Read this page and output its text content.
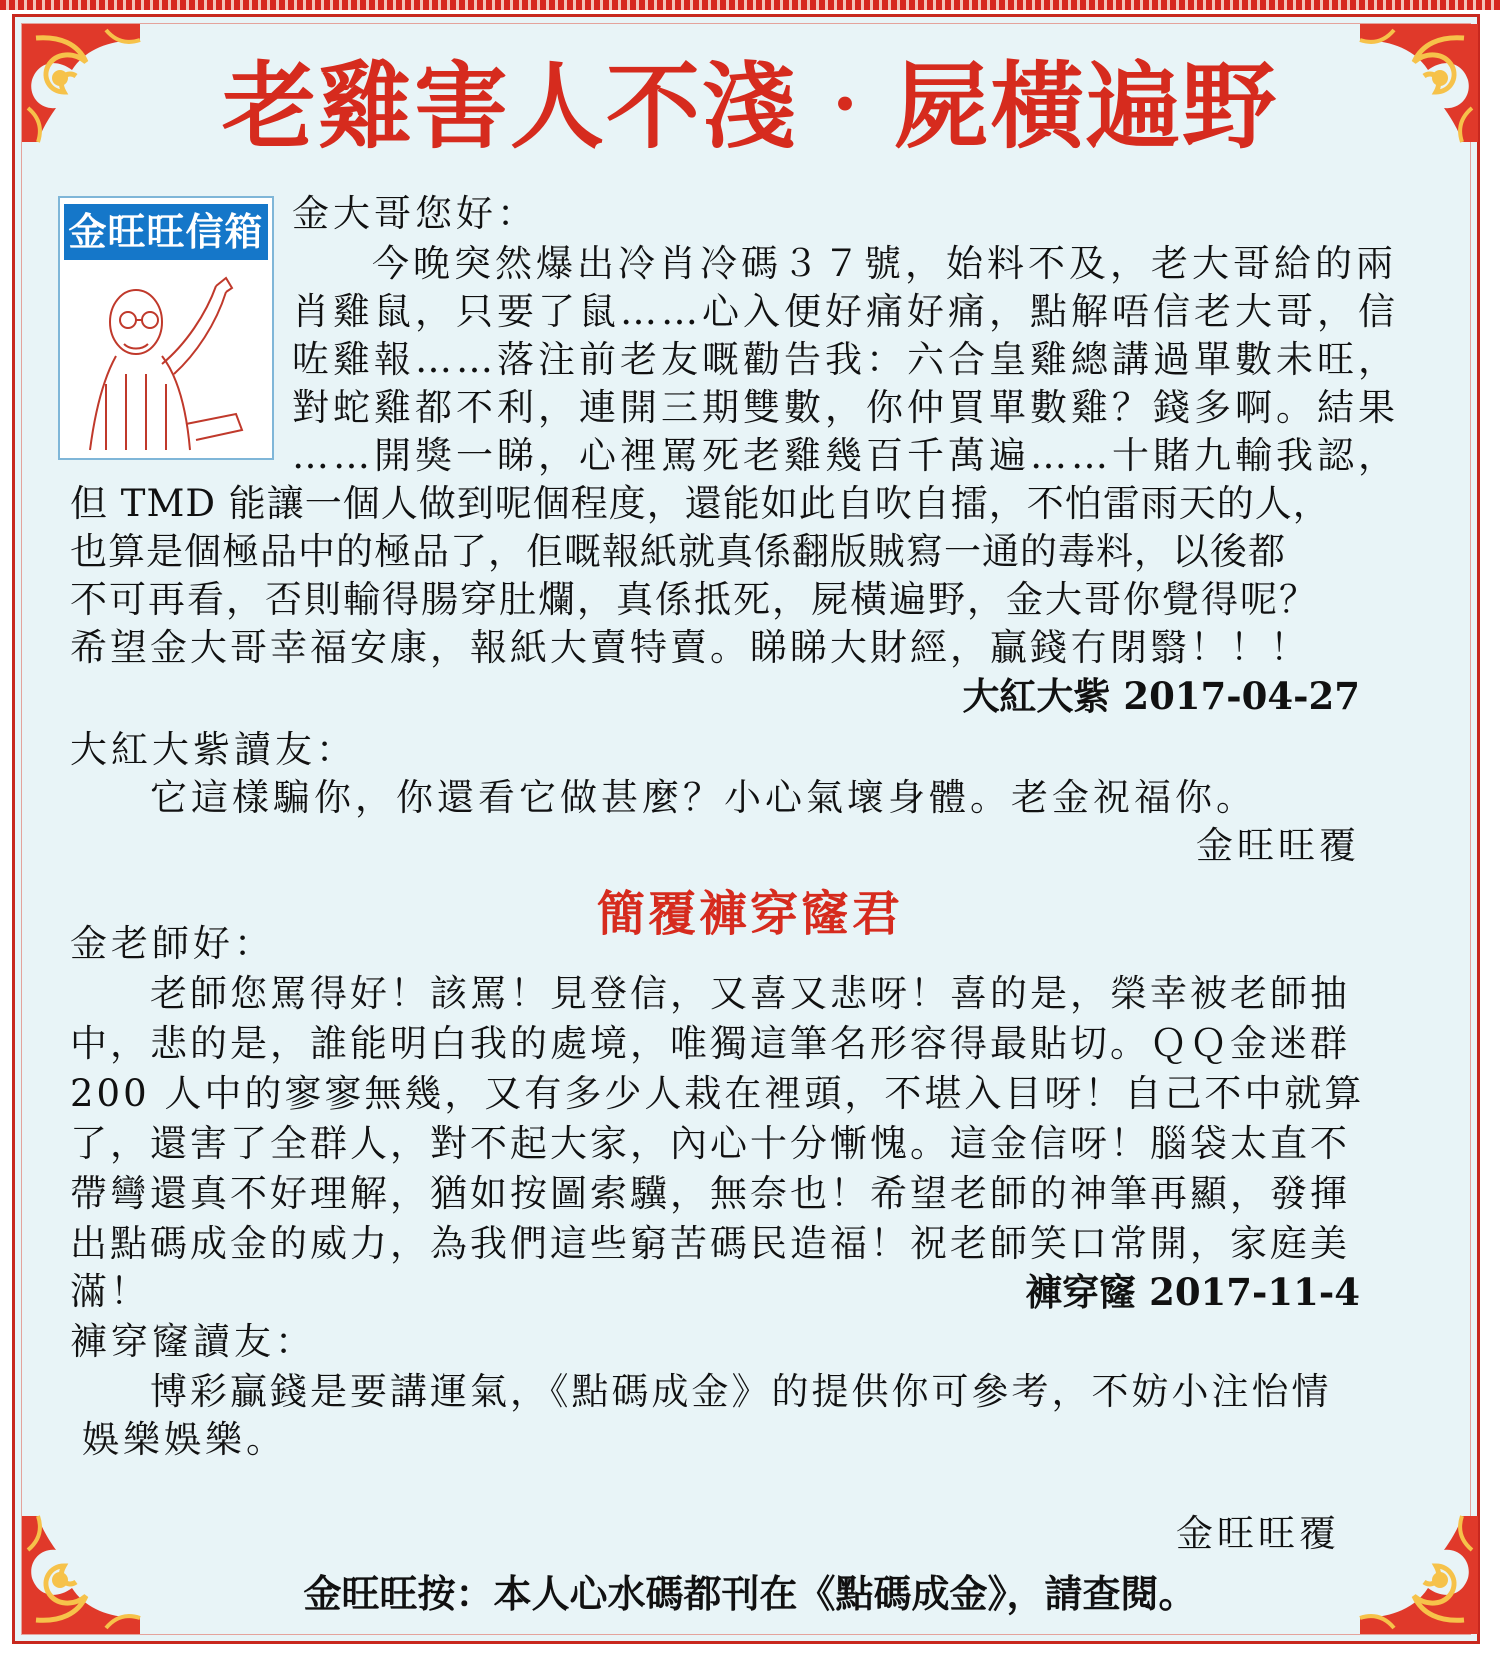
老雞害人不淺‧屍橫遍野
金旺旺信箱 金大哥您好：
今晚突然爆出冷肖冷碼３７號，始料不及，老大哥給的兩
肖雞鼠，只要了鼠……心入便好痛好痛，點解唔信老大哥，信
咗雞報……落注前老友嘅勸告我：六合皇雞總講過單數未旺，
對蛇雞都不利，連開三期雙數，你仲買單數雞？錢多啊。結果
……開獎一睇，心裡罵死老雞幾百千萬遍……十賭九輸我認，
但 TMD 能讓一個人做到呢個程度，還能如此自吹自擂，不怕雷雨天的人，
也算是個極品中的極品了，佢嘅報紙就真係翻版賊寫一通的毒料，以後都
不可再看，否則輸得腸穿肚爛，真係抵死，屍橫遍野，金大哥你覺得呢？
希望金大哥幸福安康，報紙大賣特賣。睇睇大財經，贏錢冇閉翳！！！
大紅大紫 2017-04-27
大紅大紫讀友：
它這樣騙你，你還看它做甚麼？小心氣壞身體。老金祝福你。
金旺旺覆
簡覆褲穿窿君
金老師好：
老師您罵得好！該罵！見登信，又喜又悲呀！喜的是，榮幸被老師抽
中，悲的是，誰能明白我的處境，唯獨這筆名形容得最貼切。ＱＱ金迷群
200 人中的寥寥無幾，又有多少人栽在裡頭，不堪入目呀！自己不中就算
了，還害了全群人，對不起大家，內心十分慚愧。這金信呀！腦袋太直不
帶彎還真不好理解，猶如按圖索驥，無奈也！希望老師的神筆再顯，發揮
出點碼成金的威力，為我們這些窮苦碼民造福！祝老師笑口常開，家庭美
滿！	褲穿窿 2017-11-4
褲穿窿讀友：
博彩贏錢是要講運氣，《點碼成金》的提供你可參考，不妨小注怡情
娛樂娛樂。
金旺旺覆
金旺旺按：本人心水碼都刊在《點碼成金》，請查閱。
